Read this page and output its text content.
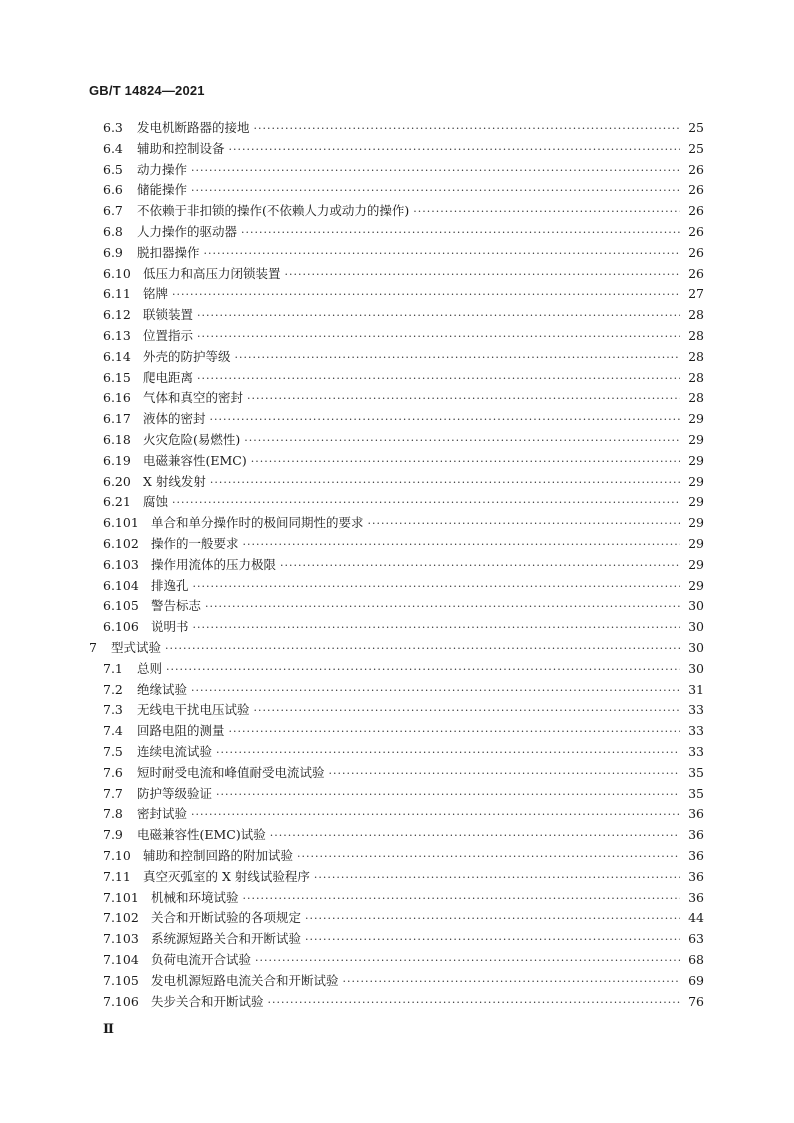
GB/T 14824—2021
6.3 发电机断路器的接地 ·····	25
6.4 辅助和控制设备 ·····	25
6.5 动力操作 ·····	26
6.6 储能操作 ·····	26
6.7 不依赖于非扣锁的操作(不依赖人力或动力的操作) ·····	26
6.8 人力操作的驱动器 ·····	26
6.9 脱扣器操作 ·····	26
6.10 低压力和高压力闭锁装置 ·····	26
6.11 铭牌 ·····	27
6.12 联锁装置 ·····	28
6.13 位置指示 ·····	28
6.14 外壳的防护等级 ·····	28
6.15 爬电距离 ·····	28
6.16 气体和真空的密封 ·····	28
6.17 液体的密封 ·····	29
6.18 火灾危险(易燃性) ·····	29
6.19 电磁兼容性(EMC) ·····	29
6.20 X 射线发射 ·····	29
6.21 腐蚀 ·····	29
6.101 单合和单分操作时的极间同期性的要求 ·····	29
6.102 操作的一般要求 ·····	29
6.103 操作用流体的压力极限 ·····	29
6.104 排逸孔 ·····	29
6.105 警告标志 ·····	30
6.106 说明书 ·····	30
7 型式试验 ·····	30
7.1 总则 ·····	30
7.2 绝缘试验 ·····	31
7.3 无线电干扰电压试验 ·····	33
7.4 回路电阻的测量 ·····	33
7.5 连续电流试验 ·····	33
7.6 短时耐受电流和峰值耐受电流试验 ·····	35
7.7 防护等级验证 ·····	35
7.8 密封试验 ·····	36
7.9 电磁兼容性(EMC)试验 ·····	36
7.10 辅助和控制回路的附加试验 ·····	36
7.11 真空灭弧室的 X 射线试验程序 ·····	36
7.101 机械和环境试验 ·····	36
7.102 关合和开断试验的各项规定 ·····	44
7.103 系统源短路关合和开断试验 ·····	63
7.104 负荷电流开合试验 ·····	68
7.105 发电机源短路电流关合和开断试验 ·····	69
7.106 失步关合和开断试验 ·····	76
Ⅱ
